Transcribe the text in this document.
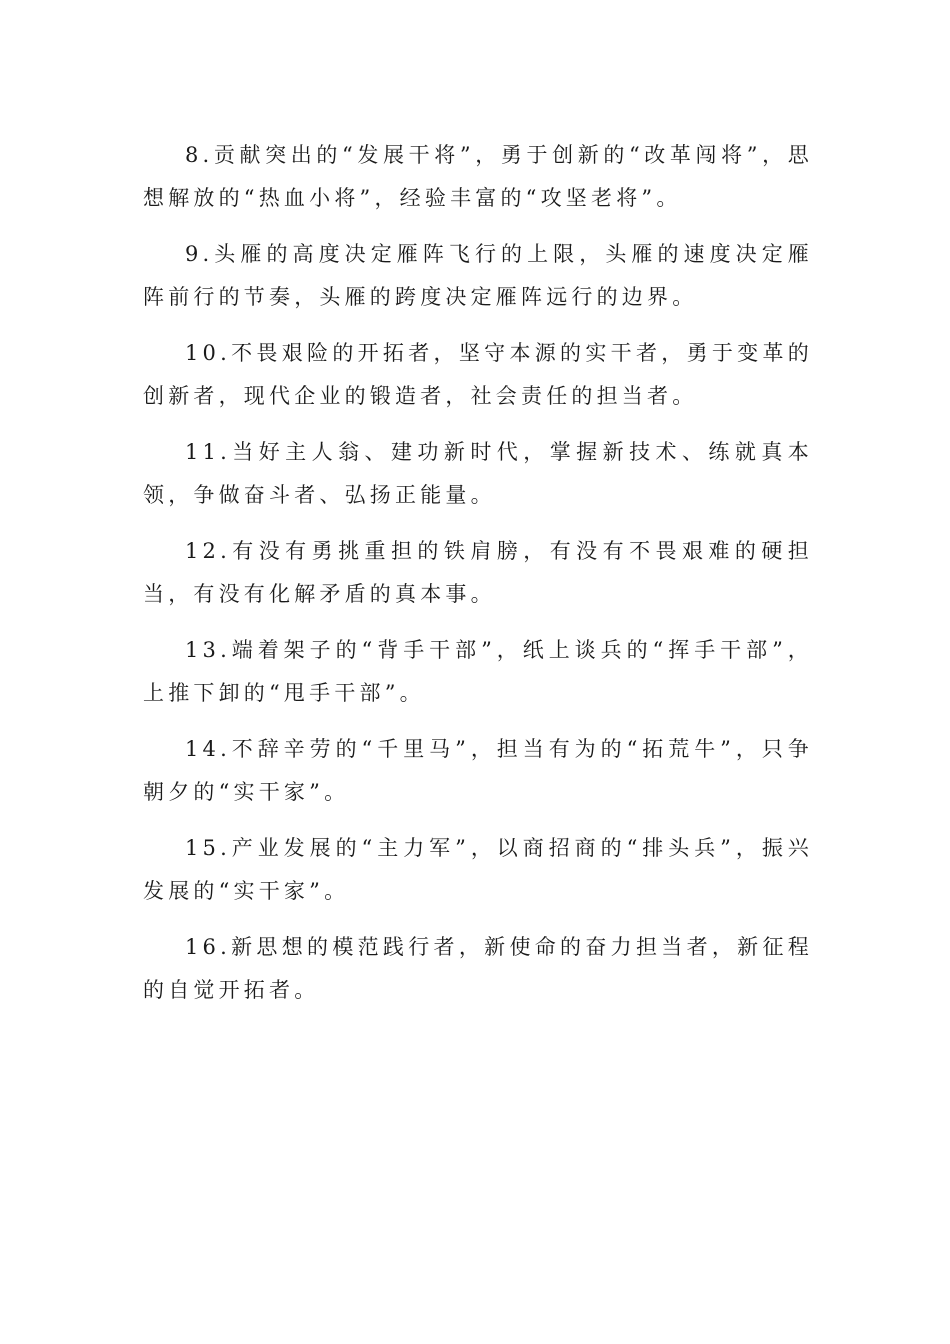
8.贡献突出的“发展干将”，勇于创新的“改革闯将”，思想解放的“热血小将”，经验丰富的“攻坚老将”。

9.头雁的高度决定雁阵飞行的上限，头雁的速度决定雁阵前行的节奏，头雁的跨度决定雁阵远行的边界。

10.不畏艰险的开拓者，坚守本源的实干者，勇于变革的创新者，现代企业的锻造者，社会责任的担当者。

11.当好主人翁、建功新时代，掌握新技术、练就真本领，争做奋斗者、弘扬正能量。

12.有没有勇挑重担的铁肩膀，有没有不畏艰难的硬担当，有没有化解矛盾的真本事。

13.端着架子的“背手干部”，纸上谈兵的“挥手干部”，上推下卸的“甩手干部”。

14.不辞辛劳的“千里马”，担当有为的“拓荒牛”，只争朝夕的“实干家”。

15.产业发展的“主力军”，以商招商的“排头兵”，振兴发展的“实干家”。

16.新思想的模范践行者，新使命的奋力担当者，新征程的自觉开拓者。
